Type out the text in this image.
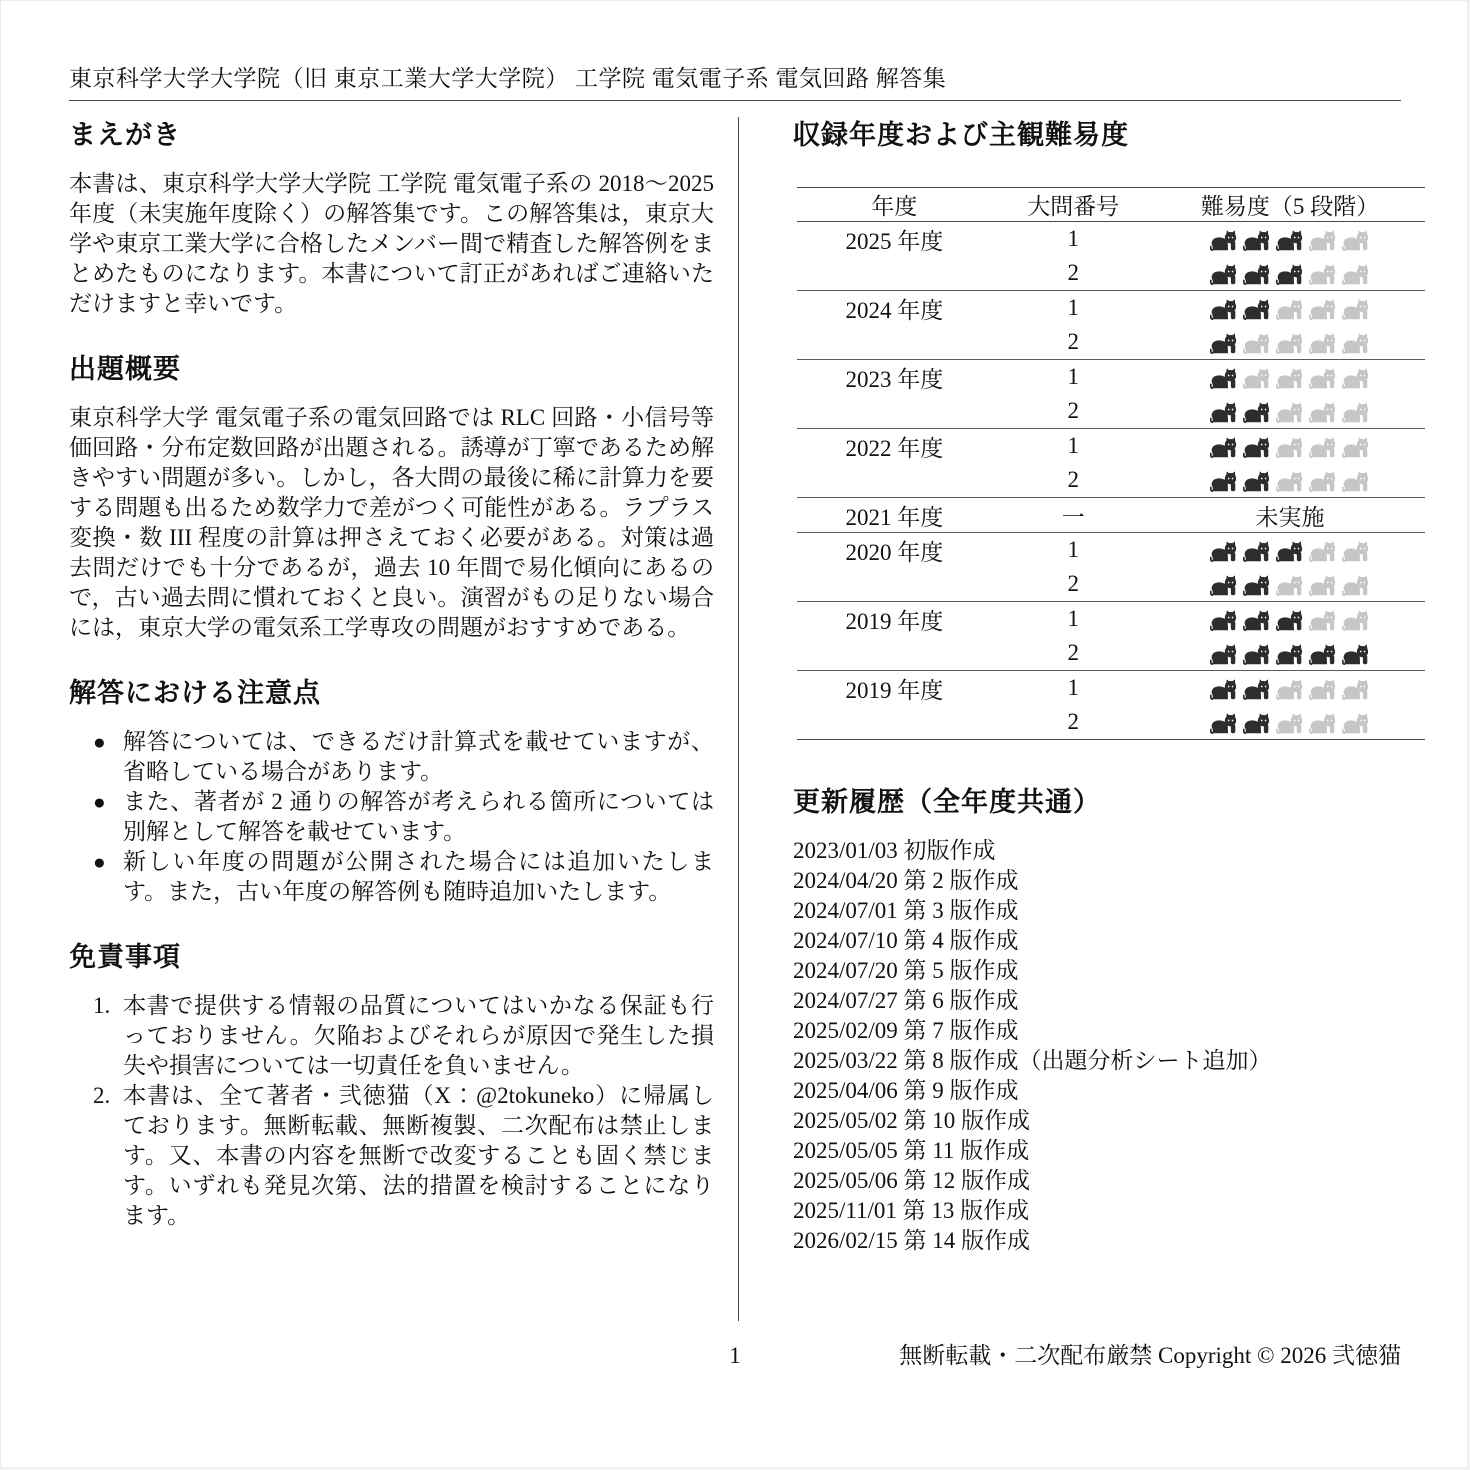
東京科学大学大学院（旧 東京工業大学大学院） 工学院 電気電子系 電気回路 解答集
まえがき

本書は、東京科学大学大学院 工学院 電気電子系の 2018〜2025 年度（未実施年度除く）の解答集です。この解答集は，東京大学や東京工業大学に合格したメンバー間で精査した解答例をまとめたものになります。本書について訂正があればご連絡いただけますと幸いです。

出題概要

東京科学大学 電気電子系の電気回路では RLC 回路・小信号等価回路・分布定数回路が出題される。誘導が丁寧であるため解きやすい問題が多い。しかし，各大問の最後に稀に計算力を要する問題も出るため数学力で差がつく可能性がある。ラプラス変換・数 III 程度の計算は押さえておく必要がある。対策は過去問だけでも十分であるが，過去 10 年間で易化傾向にあるので，古い過去問に慣れておくと良い。演習がもの足りない場合には，東京大学の電気系工学専攻の問題がおすすめである。

解答における注意点
● 解答については、できるだけ計算式を載せていますが、省略している場合があります。
● また、著者が 2 通りの解答が考えられる箇所については別解として解答を載せています。
● 新しい年度の問題が公開された場合には追加いたします。また，古い年度の解答例も随時追加いたします。
免責事項
1. 本書で提供する情報の品質についてはいかなる保証も行っておりません。欠陥およびそれらが原因で発生した損失や損害については一切責任を負いません。
2. 本書は、全て著者・弐徳猫（X：@2tokuneko）に帰属しております。無断転載、無断複製、二次配布は禁止します。又、本書の内容を無断で改変することも固く禁じます。いずれも発見次第、法的措置を検討することになります。
収録年度および主観難易度
年度	大問番号	難易度（5 段階）
2025 年度	1	

	2	

2024 年度	1	

	2	

2023 年度	1	

	2	

2022 年度	1	

	2	

2021 年度	一	未実施
2020 年度	1	

	2	

2019 年度	1	

	2	

2019 年度	1	

	2	
更新履歴（全年度共通）
2023/01/03 初版作成
2024/04/20 第 2 版作成
2024/07/01 第 3 版作成
2024/07/10 第 4 版作成
2024/07/20 第 5 版作成
2024/07/27 第 6 版作成
2025/02/09 第 7 版作成
2025/03/22 第 8 版作成（出題分析シート追加）
2025/04/06 第 9 版作成
2025/05/02 第 10 版作成
2025/05/05 第 11 版作成
2025/05/06 第 12 版作成
2025/11/01 第 13 版作成
2026/02/15 第 14 版作成
1	無断転載・二次配布厳禁 Copyright © 2026 弐徳猫
